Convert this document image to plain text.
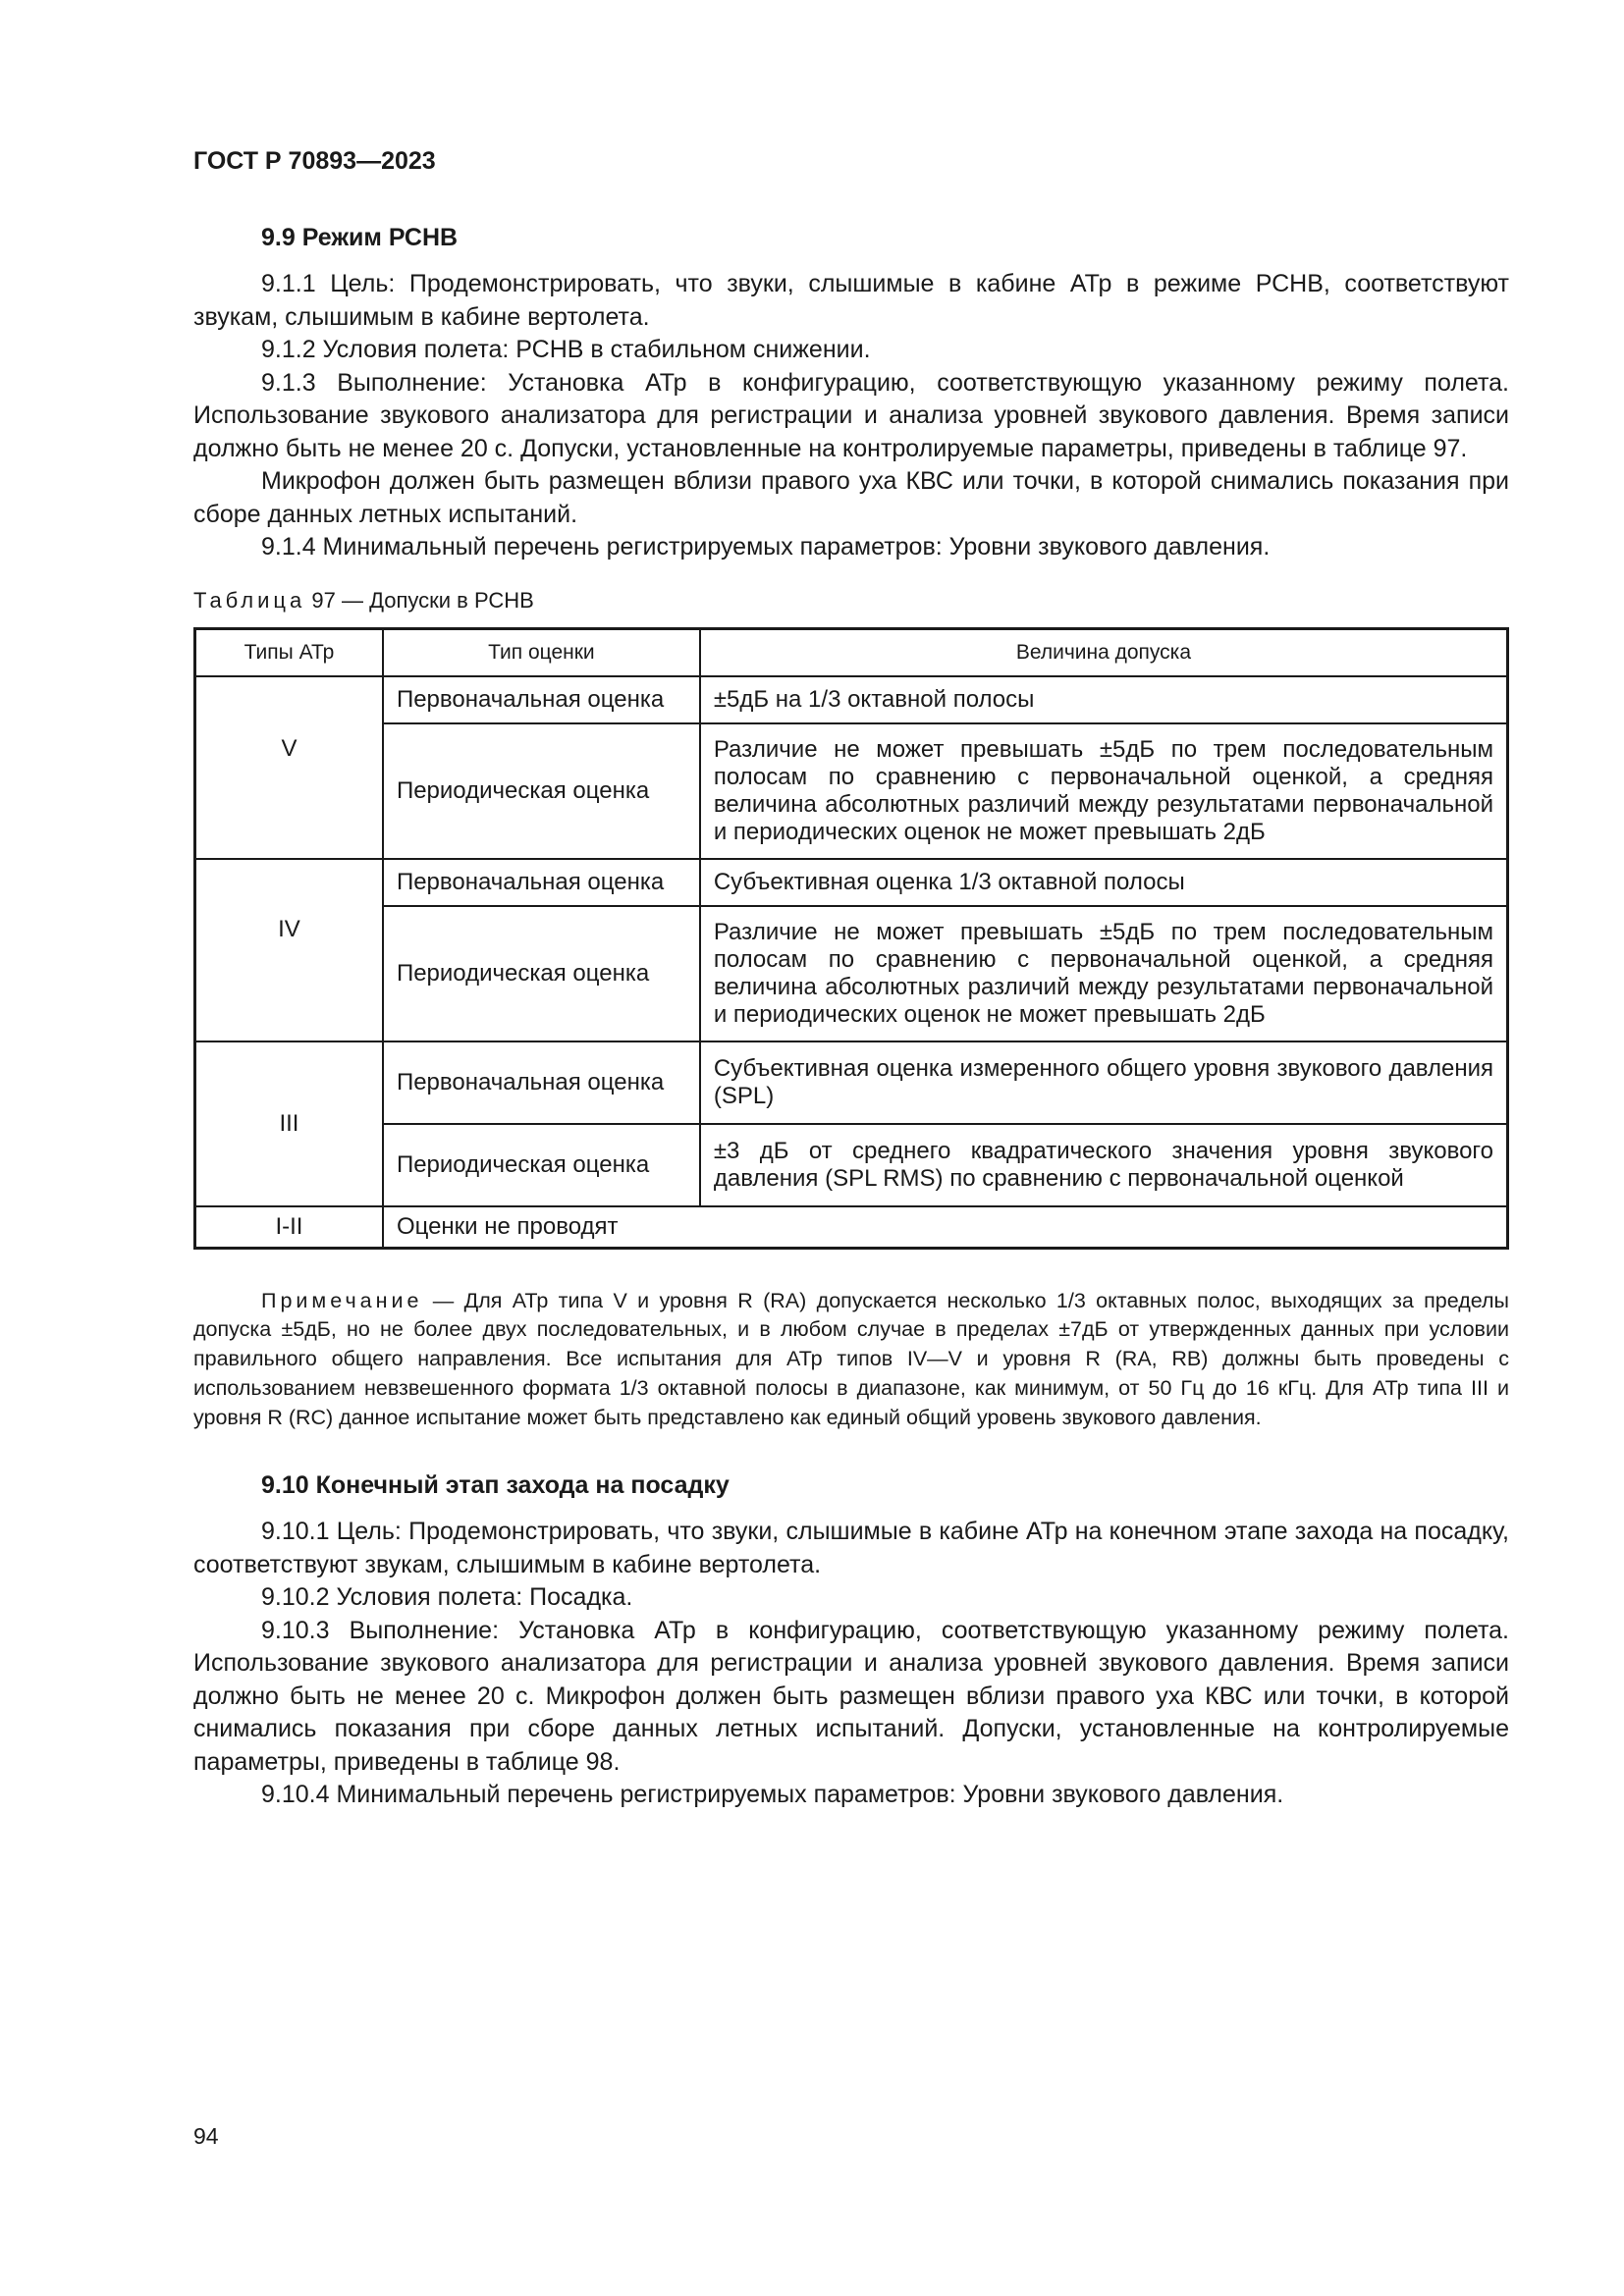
ГОСТ Р 70893—2023
9.9 Режим РСНВ

9.1.1 Цель: Продемонстрировать, что звуки, слышимые в кабине АТр в режиме РСНВ, соответствуют звукам, слышимым в кабине вертолета.

9.1.2 Условия полета: РСНВ в стабильном снижении.

9.1.3 Выполнение: Установка АТр в конфигурацию, соответствующую указанному режиму полета. Использование звукового анализатора для регистрации и анализа уровней звукового давления. Время записи должно быть не менее 20 с. Допуски, установленные на контролируемые параметры, приведены в таблице 97.

Микрофон должен быть размещен вблизи правого уха КВС или точки, в которой снимались показания при сборе данных летных испытаний.

9.1.4 Минимальный перечень регистрируемых параметров: Уровни звукового давления.

Таблица 97 — Допуски в РСНВ
Типы АТр	Тип оценки	Величина допуска
V	Первоначальная оценка	±5дБ на 1/3 октавной полосы
	Периодическая оценка	Различие не может превышать ±5дБ по трем последовательным полосам по сравнению с первоначальной оценкой, а средняя величина абсолютных различий между результатами первоначальной и периодических оценок не может превышать 2дБ
IV	Первоначальная оценка	Субъективная оценка 1/3 октавной полосы
	Периодическая оценка	Различие не может превышать ±5дБ по трем последовательным полосам по сравнению с первоначальной оценкой, а средняя величина абсолютных различий между результатами первоначальной и периодических оценок не может превышать 2дБ
III	Первоначальная оценка	Субъективная оценка измеренного общего уровня звукового давления (SPL)
	Периодическая оценка	±3 дБ от среднего квадратического значения уровня звукового давления (SPL RMS) по сравнению с первоначальной оценкой
I-II	Оценки не проводят	

Примечание — Для АТр типа V и уровня R (RA) допускается несколько 1/3 октавных полос, выходящих за пределы допуска ±5дБ, но не более двух последовательных, и в любом случае в пределах ±7дБ от утвержденных данных при условии правильного общего направления. Все испытания для АТр типов IV—V и уровня R (RA, RB) должны быть проведены с использованием невзвешенного формата 1/3 октавной полосы в диапазоне, как минимум, от 50 Гц до 16 кГц. Для АТр типа III и уровня R (RC) данное испытание может быть представлено как единый общий уровень звукового давления.

9.10 Конечный этап захода на посадку

9.10.1 Цель: Продемонстрировать, что звуки, слышимые в кабине АТр на конечном этапе захода на посадку, соответствуют звукам, слышимым в кабине вертолета.

9.10.2 Условия полета: Посадка.

9.10.3 Выполнение: Установка АТр в конфигурацию, соответствующую указанному режиму полета. Использование звукового анализатора для регистрации и анализа уровней звукового давления. Время записи должно быть не менее 20 с. Микрофон должен быть размещен вблизи правого уха КВС или точки, в которой снимались показания при сборе данных летных испытаний. Допуски, установленные на контролируемые параметры, приведены в таблице 98.

9.10.4 Минимальный перечень регистрируемых параметров: Уровни звукового давления.

94
